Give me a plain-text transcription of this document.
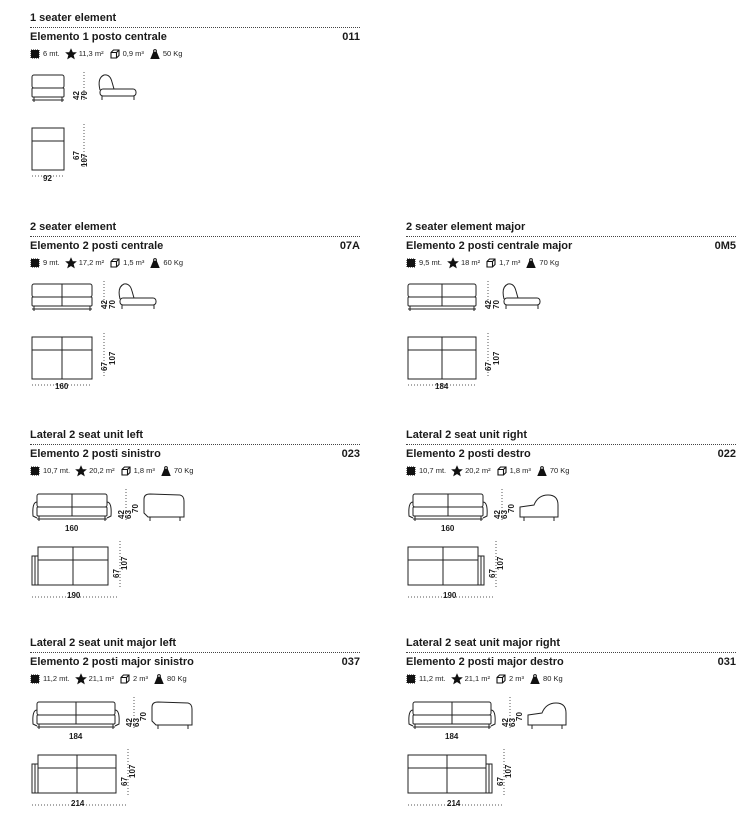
1 seater element
Elemento 1 posto centrale	011
6
mt.	11,3
m²	0,9
m³	50
Kg
42 70
67 107
92
2 seater element
Elemento 2 posti centrale	07A
9
mt.	17,2
m²	1,5
m³	60
Kg
42 70
67
107
160
2 seater element major
Elemento 2 posti centrale major	0M5
9,5
mt.	18
m²	1,7
m³	70
Kg
42 70
67
107
184
Lateral 2 seat unit left
Elemento 2 posti sinistro	023
10,7
mt.	20,2
m²	1,8
m³	70
Kg
160
42
63
70
67
107
190
Lateral 2 seat unit right
Elemento 2 posti destro	022
10,7
mt.	20,2
m²	1,8
m³	70
Kg
160
42
63
70
67
107
190
Lateral 2 seat unit major left
Elemento 2 posti major sinistro	037
11,2
mt.	21,1
m²	2
m³	80
Kg
184
42
63
70
67
107
214
Lateral 2 seat unit major right
Elemento 2 posti major destro	031
11,2
mt.	21,1
m²	2
m³	80
Kg
184
42
63
70
67
107
214
